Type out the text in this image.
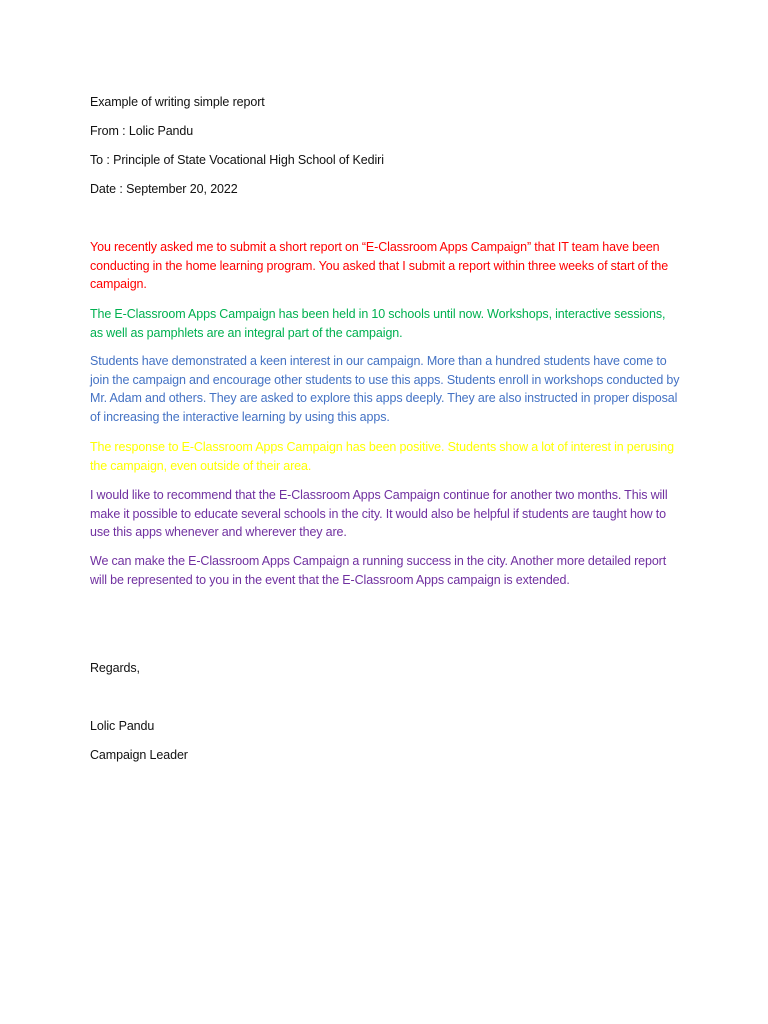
Example of writing simple report

From : Lolic Pandu

To : Principle of State Vocational High School of Kediri

Date : September 20, 2022

You recently asked me to submit a short report on “E-Classroom Apps Campaign” that IT team have been conducting in the home learning program. You asked that I submit a report within three weeks of start of the campaign.

The E-Classroom Apps Campaign has been held in 10 schools until now. Workshops, interactive sessions, as well as pamphlets are an integral part of the campaign.

Students have demonstrated a keen interest in our campaign. More than a hundred students have come to join the campaign and encourage other students to use this apps. Students enroll in workshops conducted by Mr. Adam and others. They are asked to explore this apps deeply. They are also instructed in proper disposal of increasing the interactive learning by using this apps.

The response to E-Classroom Apps Campaign has been positive. Students show a lot of interest in perusing the campaign, even outside of their area.

I would like to recommend that the E-Classroom Apps Campaign continue for another two months. This will make it possible to educate several schools in the city. It would also be helpful if students are taught how to use this apps whenever and wherever they are.

We can make the E-Classroom Apps Campaign a running success in the city. Another more detailed report will be represented to you in the event that the E-Classroom Apps campaign is extended.

Regards,

Lolic Pandu

Campaign Leader
